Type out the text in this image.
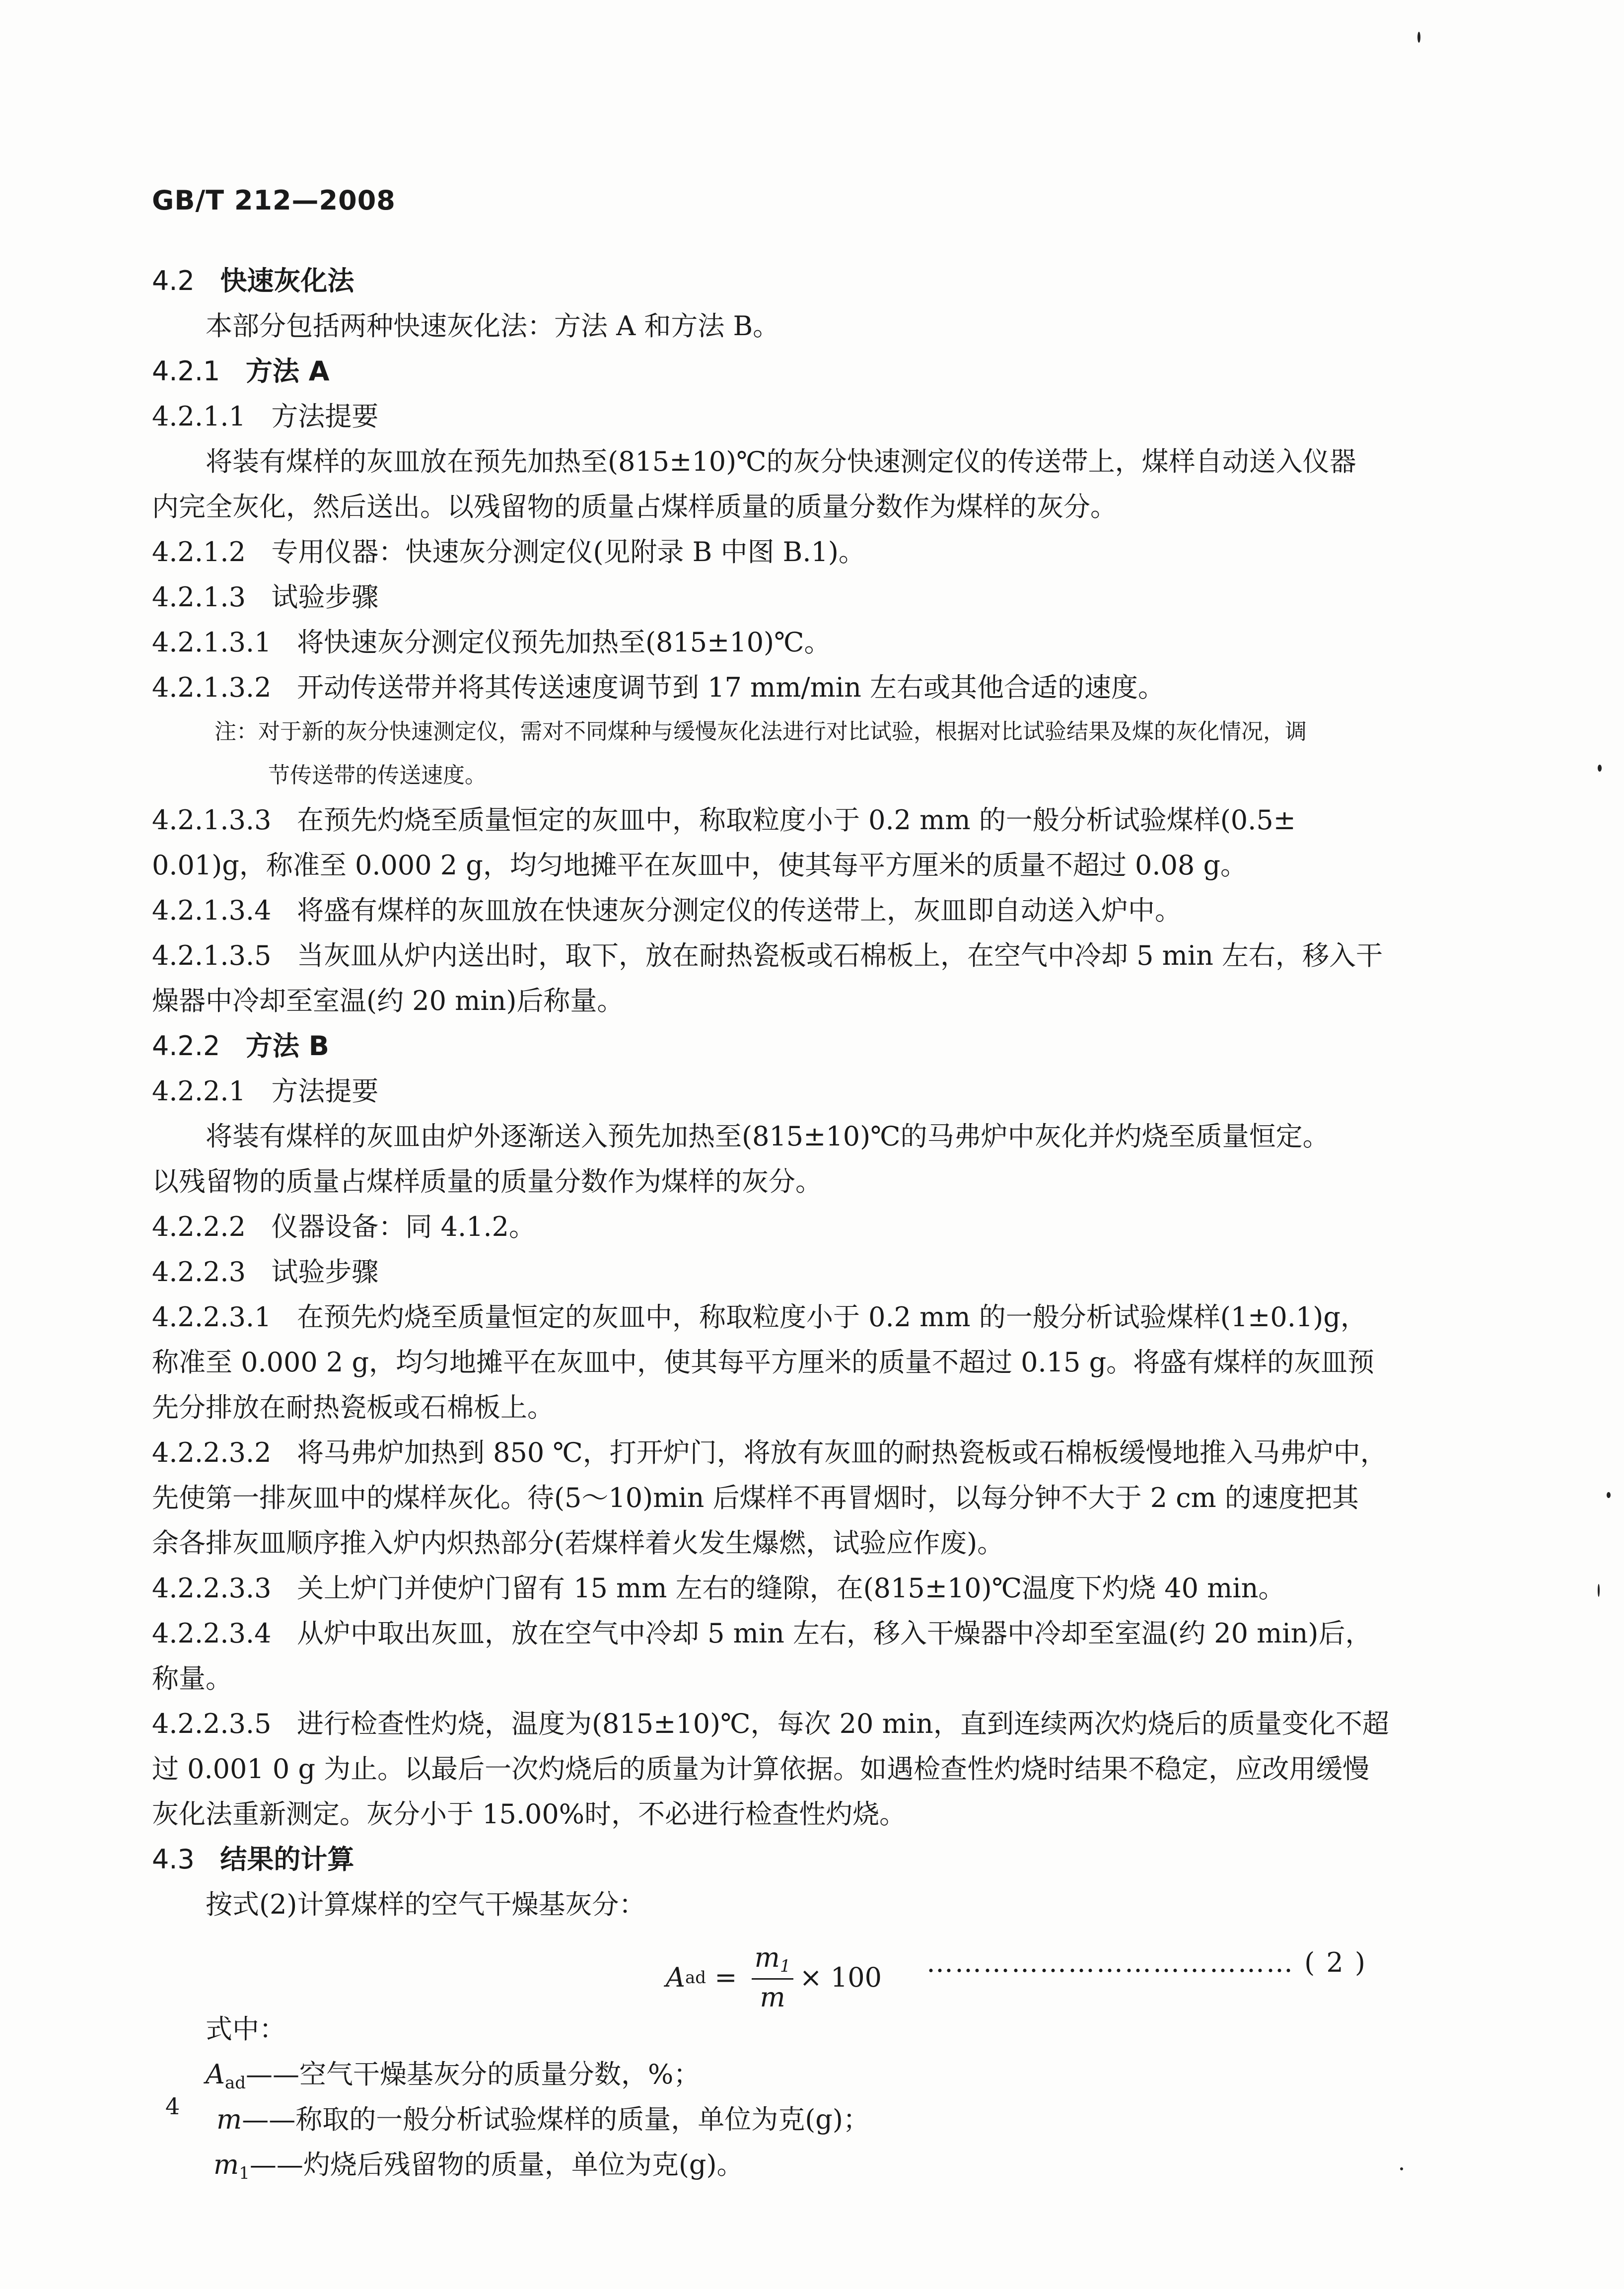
GB/T 212—2008
4.2 快速灰化法
本部分包括两种快速灰化法：方法 A 和方法 B。
4.2.1 方法 A
4.2.1.1 方法提要
将装有煤样的灰皿放在预先加热至(815±10)℃的灰分快速测定仪的传送带上，煤样自动送入仪器
内完全灰化，然后送出。以残留物的质量占煤样质量的质量分数作为煤样的灰分。
4.2.1.2 专用仪器：快速灰分测定仪(见附录 B 中图 B.1)。
4.2.1.3 试验步骤
4.2.1.3.1 将快速灰分测定仪预先加热至(815±10)℃。
4.2.1.3.2 开动传送带并将其传送速度调节到 17 mm/min 左右或其他合适的速度。
注：对于新的灰分快速测定仪，需对不同煤种与缓慢灰化法进行对比试验，根据对比试验结果及煤的灰化情况，调
节传送带的传送速度。
4.2.1.3.3 在预先灼烧至质量恒定的灰皿中，称取粒度小于 0.2 mm 的一般分析试验煤样(0.5±
0.01)g，称准至 0.000 2 g，均匀地摊平在灰皿中，使其每平方厘米的质量不超过 0.08 g。
4.2.1.3.4 将盛有煤样的灰皿放在快速灰分测定仪的传送带上，灰皿即自动送入炉中。
4.2.1.3.5 当灰皿从炉内送出时，取下，放在耐热瓷板或石棉板上，在空气中冷却 5 min 左右，移入干
燥器中冷却至室温(约 20 min)后称量。
4.2.2 方法 B
4.2.2.1 方法提要
将装有煤样的灰皿由炉外逐渐送入预先加热至(815±10)℃的马弗炉中灰化并灼烧至质量恒定。
以残留物的质量占煤样质量的质量分数作为煤样的灰分。
4.2.2.2 仪器设备：同 4.1.2。
4.2.2.3 试验步骤
4.2.2.3.1 在预先灼烧至质量恒定的灰皿中，称取粒度小于 0.2 mm 的一般分析试验煤样(1±0.1)g，
称准至 0.000 2 g，均匀地摊平在灰皿中，使其每平方厘米的质量不超过 0.15 g。将盛有煤样的灰皿预
先分排放在耐热瓷板或石棉板上。
4.2.2.3.2 将马弗炉加热到 850 ℃，打开炉门，将放有灰皿的耐热瓷板或石棉板缓慢地推入马弗炉中，
先使第一排灰皿中的煤样灰化。待(5～10)min 后煤样不再冒烟时，以每分钟不大于 2 cm 的速度把其
余各排灰皿顺序推入炉内炽热部分(若煤样着火发生爆燃，试验应作废)。
4.2.2.3.3 关上炉门并使炉门留有 15 mm 左右的缝隙，在(815±10)℃温度下灼烧 40 min。
4.2.2.3.4 从炉中取出灰皿，放在空气中冷却 5 min 左右，移入干燥器中冷却至室温(约 20 min)后，
称量。
4.2.2.3.5 进行检查性灼烧，温度为(815±10)℃，每次 20 min，直到连续两次灼烧后的质量变化不超
过 0.001 0 g 为止。以最后一次灼烧后的质量为计算依据。如遇检查性灼烧时结果不稳定，应改用缓慢
灰化法重新测定。灰分小于 15.00%时，不必进行检查性灼烧。
4.3 结果的计算
按式(2)计算煤样的空气干燥基灰分：
A ad = $\frac{m_1}{m} \times 100$ ………………………………… ( 2 )
式中：
$A_{ad}——$空气干燥基灰分的质量分数，%；
m——称取的一般分析试验煤样的质量，单位为克(g)；
$m_1——$灼烧后残留物的质量，单位为克(g)。
4
